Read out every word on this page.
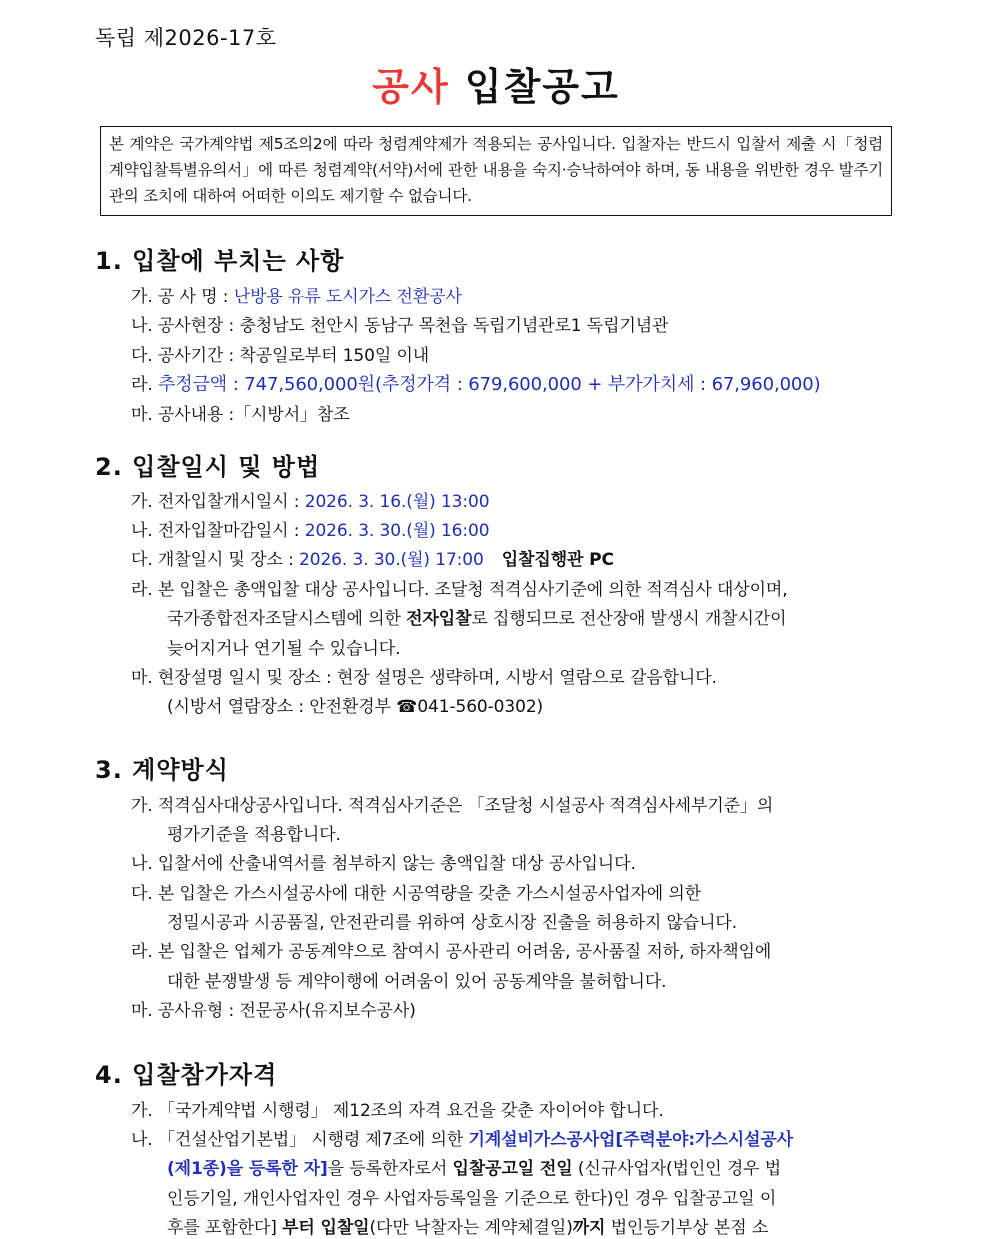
독립 제2026-17호
공사 입찰공고
본 계약은 국가계약법 제5조의2에 따라 청렴계약제가 적용되는 공사입니다. 입찰자는 반드시 입찰서 제출 시「청렴계약입찰특별유의서」에 따른 청렴계약(서약)서에 관한 내용을 숙지·승낙하여야 하며, 동 내용을 위반한 경우 발주기관의 조치에 대하여 어떠한 이의도 제기할 수 없습니다.
1. 입찰에 부치는 사항
가. 공 사 명 : 난방용 유류 도시가스 전환공사
나. 공사현장 : 충청남도 천안시 동남구 목천읍 독립기념관로1 독립기념관
다. 공사기간 : 착공일로부터 150일 이내
라. 추정금액 : 747,560,000원(추정가격 : 679,600,000 + 부가가치세 : 67,960,000)
마. 공사내용 :「시방서」참조
2. 입찰일시 및 방법
가. 전자입찰개시일시 : 2026. 3. 16.(월) 13:00
나. 전자입찰마감일시 : 2026. 3. 30.(월) 16:00
다. 개찰일시 및 장소 : 2026. 3. 30.(월) 17:00 입찰집행관 PC
라. 본 입찰은 총액입찰 대상 공사입니다. 조달청 적격심사기준에 의한 적격심사 대상이며,
국가종합전자조달시스템에 의한 전자입찰로 집행되므로 전산장애 발생시 개찰시간이
늦어지거나 연기될 수 있습니다.
마. 현장설명 일시 및 장소 : 현장 설명은 생략하며, 시방서 열람으로 갈음합니다.
(시방서 열람장소 : 안전환경부 ☎041-560-0302)
3. 계약방식
가. 적격심사대상공사입니다. 적격심사기준은 「조달청 시설공사 적격심사세부기준」의
평가기준을 적용합니다.
나. 입찰서에 산출내역서를 첨부하지 않는 총액입찰 대상 공사입니다.
다. 본 입찰은 가스시설공사에 대한 시공역량을 갖춘 가스시설공사업자에 의한
정밀시공과 시공품질, 안전관리를 위하여 상호시장 진출을 허용하지 않습니다.
라. 본 입찰은 업체가 공동계약으로 참여시 공사관리 어려움, 공사품질 저하, 하자책임에
대한 분쟁발생 등 계약이행에 어려움이 있어 공동계약을 불허합니다.
마. 공사유형 : 전문공사(유지보수공사)
4. 입찰참가자격
가. 「국가계약법 시행령」 제12조의 자격 요건을 갖춘 자이어야 합니다.
나. 「건설산업기본법」 시행령 제7조에 의한 기계설비가스공사업[주력분야:가스시설공사
(제1종)을 등록한 자]을 등록한자로서 입찰공고일 전일 (신규사업자(법인인 경우 법
인등기일, 개인사업자인 경우 사업자등록일을 기준으로 한다)인 경우 입찰공고일 이
후를 포함한다] 부터 입찰일(다만 낙찰자는 계약체결일)까지 법인등기부상 본점 소
